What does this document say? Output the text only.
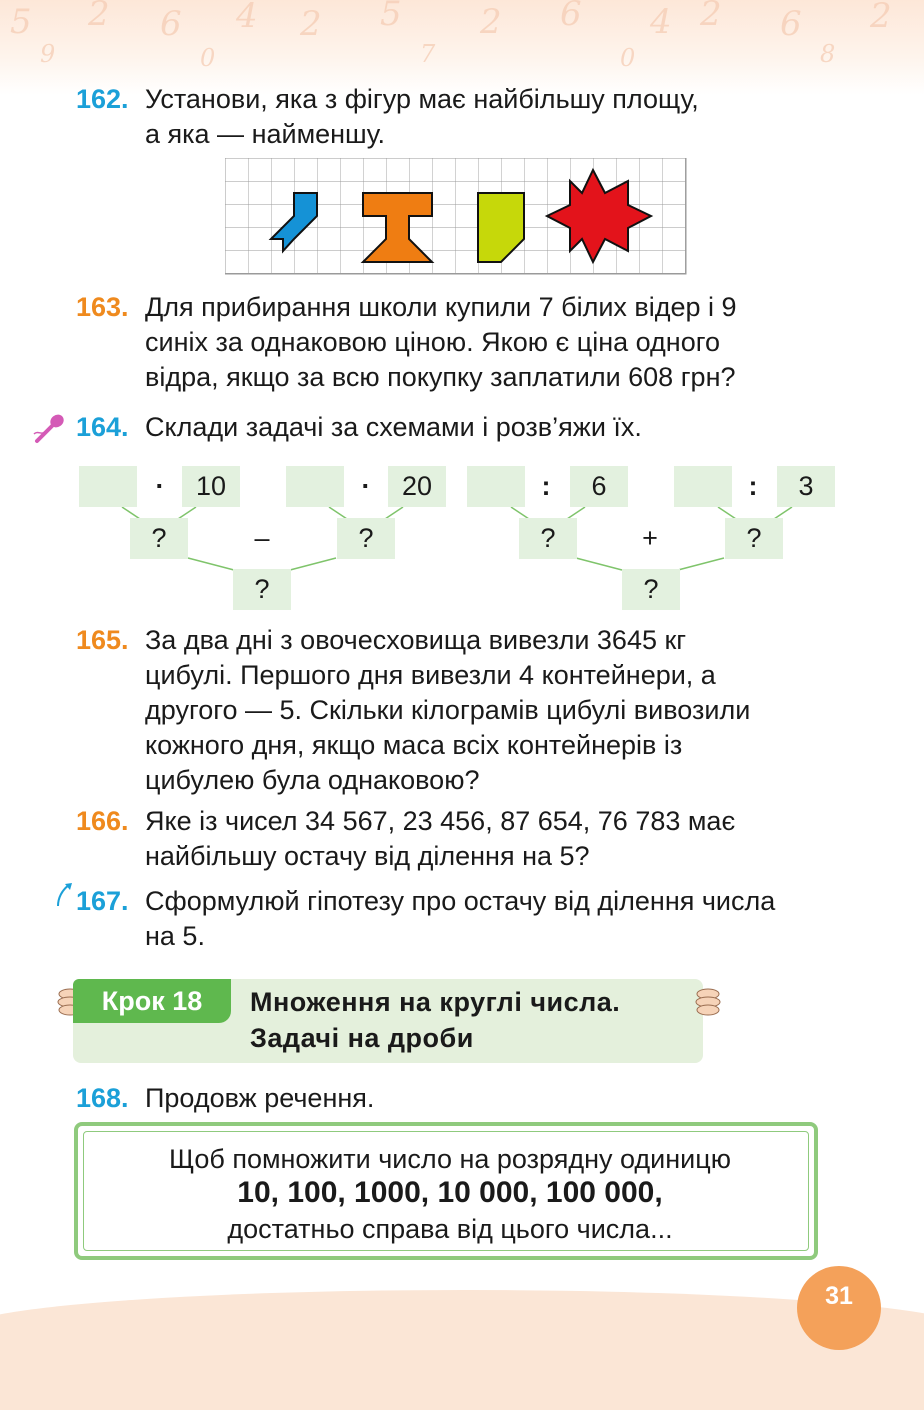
5 2 6 4 2 5 2 6 4 2 6 2
9	0	7	0	8
162. Установи, яка з фігур має найбільшу площу,
а яка — найменшу.
163. Для прибирання школи купили 7 білих відер і 9
синіх за однаковою ціною. Якою є ціна одного
відра, якщо за всю покупку заплатили 608 грн?
164. Склади задачі за схемами і розв’яжи їх.
·	10	·	20
?	–	?
?
:	6	:	3
?	+	?
?
165. За два дні з овочесховища вивезли 3645 кг
цибулі. Першого дня вивезли 4 контейнери, а
другого — 5. Скільки кілограмів цибулі вивозили
кожного дня, якщо маса всіх контейнерів із
цибулею була однаковою?
166. Яке із чисел 34 567, 23 456, 87 654, 76 783 має
найбільшу остачу від ділення на 5?
167. Сформулюй гіпотезу про остачу від ділення числа
на 5.
Крок 18	Множення на круглі числа.
Задачі на дроби
168. Продовж речення.
Щоб помножити число на розрядну одиницю
10, 100, 1000, 10 000, 100 000,
достатньо справа від цього числа...
31
